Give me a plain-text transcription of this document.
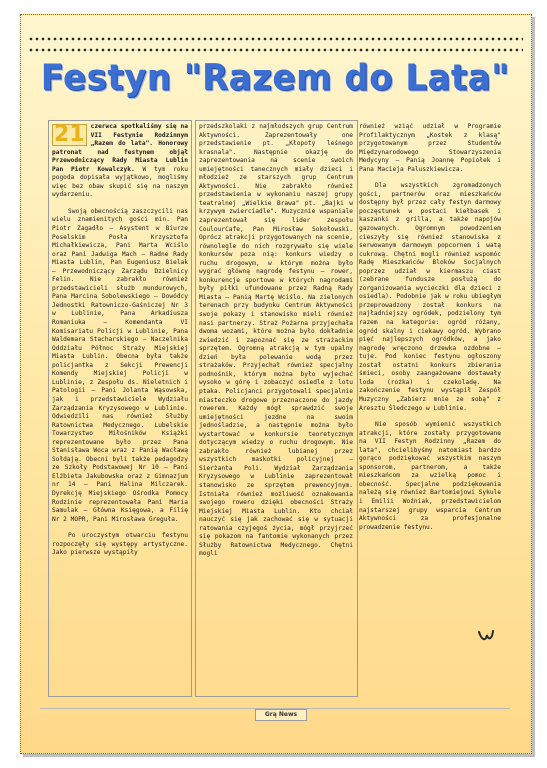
Festyn "Razem do Lata"

21 czerwca spotkaliśmy się na VII Festynie Rodzinnym „Razem do lata". Honorowy patronat nad festynem objął Przewodniczący Rady Miasta Lublin Pan Piotr Kowalczyk. W tym roku pogoda dopisała wyjątkowo, mogliśmy więc bez obaw skupić się na naszym wydarzeniu.

Swoją obecnością zaszczycili nas wielu znamienitych gości min. Pan Piotr Zagadło – Asystent w Biurze Poselskim Posła Krzysztofa Michałkiewicza, Pani Marta Wciślo oraz Pani Jadwiga Mach – Radne Rady Miasta Lublin, Pan Eugeniusz Bielak – Przewodniczący Zarządu Dzielnicy Felin. Nie zabrakło również przedstawicieli służb mundurowych, Pana Marcina Sobolewskiego – Dowódcy Jednostki Ratowniczo-Gaśniczej Nr 3 w Lublinie, Pana Arkadiusza Romaniuka – Komendanta VI Komisariatu Policji w Lublinie, Pana Waldemara Stacharskiego – Naczelnika Oddziału Północ Straży Miejskiej Miasta Lublin. Obecna była także policjantka z Sekcji Prewencji Komendy Miejskiej Policji w Lublinie, z Zespołu ds. Nieletnich i Patologii – Pani Jolanta Wąsowska, jak i przedstawiciele Wydziału Zarządzania Kryzysowego w Lublinie. Odwiedzili nas również Służby Ratownictwa Medycznego. Lubelskie Towarzystwo Miłośników Książki reprezentowane było przez Pana Stanisława Woca wraz z Panią Wacławą Sołdają. Obecni byli także pedagodzy ze Szkoły Podstawowej Nr 10 – Pani Elżbieta Jakubowska oraz z Gimnazjum nr 14 – Pani Halina Milczarek. Dyrekcję Miejskiego Ośrodka Pomocy Rodzinie reprezentowała Pani Maria Samulak – Główna Księgowa, a Filię Nr 2 MOPR, Pani Mirosława Greguła.

Po uroczystym otwarciu festynu rozpoczęły się występy artystyczne. Jako pierwsze wystąpiły

przedszkolaki z najmłodszych grup Centrum Aktywności. Zaprezentowały one przedstawienie pt. „Kłopoty leśnego krasnala". Następnie okazję do zaprezentowania na scenie swoich umiejętności tanecznych miały dzieci i młodzież ze starszych grup Centrum Aktywności. Nie zabrakło również przedstawienia w wykonaniu naszej grupy teatralnej „Wielkie Brawa" pt. „Bajki w krzywym zwierciadle". Muzycznie wspaniale zaprezentował się lider zespołu CoulourCafe, Pan Mirosław Sokołowski. Oprócz atrakcji przygotowanych na scenie, równolegle do nich rozgrywało się wiele konkursów poza nią: konkurs wiedzy o ruchu drogowym, w którym można było wygrać główną nagrodę festynu – rower, konkurencje sportowe w których nagrodami były piłki ufundowane przez Radną Rady Miasta – Panią Martę Wciślo. Na zielonych terenach przy budynku Centrum Aktywności swoje pokazy i stanowisko mieli również nasi partnerzy. Straż Pożarna przyjechała dwoma wozami, które można było dokładnie zwiedzić i zapoznać się ze strażackim sprzętem. Ogromną atrakcją w tym upalny dzień była polewanie wodą przez strażaków. Przyjechał również specjalny podnośnik, którym można było wyjechać wysoko w górę i zobaczyć osiedle z lotu ptaka. Policjanci przygotowali specjalnie miasteczko drogowe przeznaczone do jazdy rowerem. Każdy mógł sprawdzić swoje umiejętności jezdne na swoim jednośladzie, a następnie można było wystartować w konkursie teoretycznym dotyczącym wiedzy o ruchu drogowym. Nie zabrakło również lubianej przez wszystkich maskotki policyjnej – Sierżanta Poli. Wydział Zarządzania Kryzysowego w Lublinie zaprezentował stanowisko ze sprzętem prewencyjnym. Istniała również możliwość oznakowania swojego roweru dzięki obecności Straży Miejskiej Miasta Lublin. Kto chciał nauczyć się jak zachować się w sytuacji ratowania czyjegoś życia, mógł przyjrzeć się pokazom na fantomie wykonanych przez Służby Ratownictwa Medycznego. Chętni mogli

również wziąć udział w Programie Profilaktycznym „Kostek z klasą" przygotowanym przez Studentów Międzynarodowego Stowarzyszenia Medycyny – Panią Joannę Popiołek i Pana Macieja Paluszkiewicza.

Dla wszystkich zgromadzonych gości, partnerów oraz mieszkańców dostępny był przez cały festyn darmowy poczęstunek w postaci kiełbasek i kaszanki z grilla, a także napojów gazowanych. Ogromnym powodzeniem cieszyły się również stanowiska z serwowanym darmowym popcornem i watą cukrową. Chętni mogli również wspomóc Radę Mieszkańców Bloków Socjalnych poprzez udział w kiermaszu ciast (zebrane fundusze posłużą do zorganizowania wycieczki dla dzieci z osiedla). Podobnie jak w roku ubiegłym przeprowadzony został konkurs na najładniejszy ogródek, podzielony tym razem na kategorie: ogród różany, ogród skalny i ciekawy ogród. Wybrano pięć najlepszych ogródków, a jako nagrodę wręczono drzewka ozdobne – tuje. Pod koniec festynu ogłoszony został ostatni konkurs zbierania śmieci, osoby zaangażowane dostawały loda (rożka) i czekoladę. Na zakończenie festynu wystąpił Zespół Muzyczny „Zabierz mnie ze sobą" z Aresztu Śledczego w Lublinie.

Nie sposób wymienić wszystkich atrakcji, które zostały przygotowane na VII Festyn Rodzinny „Razem do lata", chcielibyśmy natomiast bardzo gorąco podziękować wszystkim naszym sponsorom, partnerom, a także mieszkańcom za wzielką pomoc i obecność. Specjalne podziękowania należą się również Bartomiejowi Sykule i Emilii Woźniak, przedstawicielom najstarszej grupy wsparcia Centrum Aktywności za profesjonalne prowadzenie festynu.

Grą News
